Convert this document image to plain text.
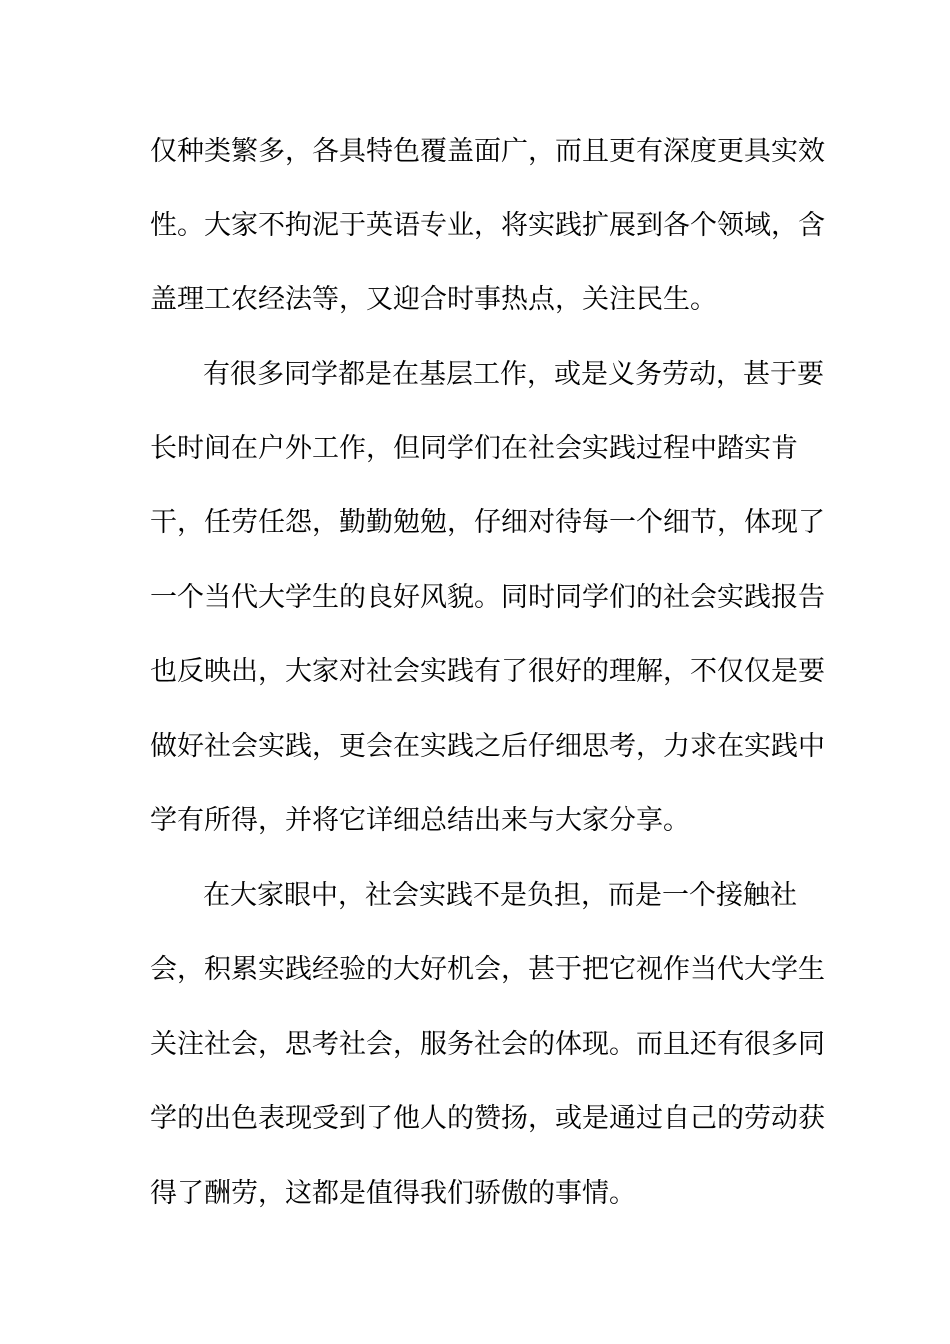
仅种类繁多，各具特色覆盖面广，而且更有深度更具实效
性。大家不拘泥于英语专业，将实践扩展到各个领域，含
盖理工农经法等，又迎合时事热点，关注民生。
有很多同学都是在基层工作，或是义务劳动，甚于要
长时间在户外工作，但同学们在社会实践过程中踏实肯
干，任劳任怨，勤勤勉勉，仔细对待每一个细节，体现了
一个当代大学生的良好风貌。同时同学们的社会实践报告
也反映出，大家对社会实践有了很好的理解，不仅仅是要
做好社会实践，更会在实践之后仔细思考，力求在实践中
学有所得，并将它详细总结出来与大家分享。
在大家眼中，社会实践不是负担，而是一个接触社
会，积累实践经验的大好机会，甚于把它视作当代大学生
关注社会，思考社会，服务社会的体现。而且还有很多同
学的出色表现受到了他人的赞扬，或是通过自己的劳动获
得了酬劳，这都是值得我们骄傲的事情。
